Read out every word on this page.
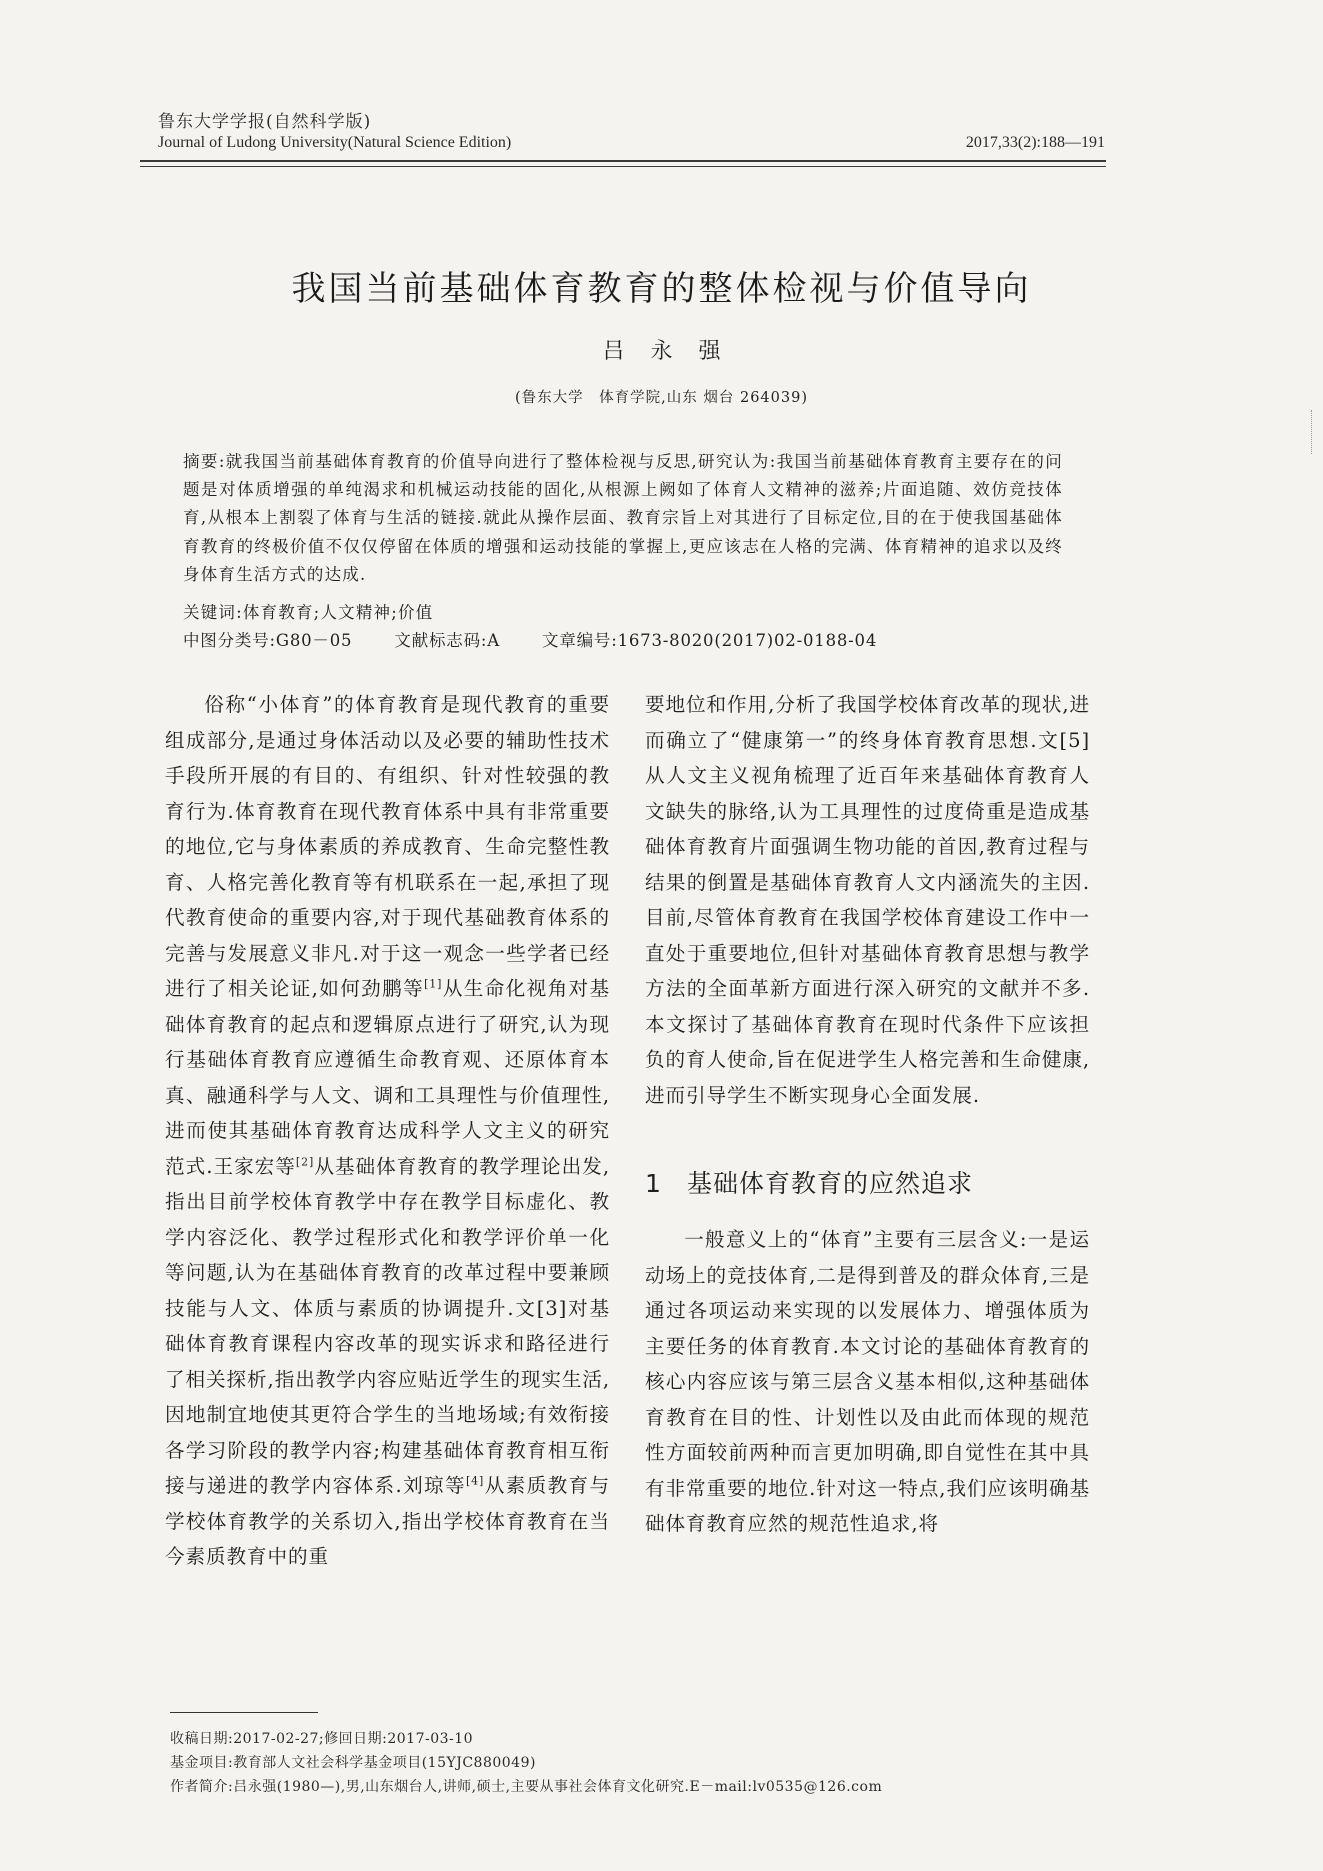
鲁东大学学报(自然科学版)
Journal of Ludong University(Natural Science Edition)	2017,33(2):188—191
我国当前基础体育教育的整体检视与价值导向
吕永强
(鲁东大学　体育学院,山东 烟台 264039)
摘要:就我国当前基础体育教育的价值导向进行了整体检视与反思,研究认为:我国当前基础体育教育主要存在的问题是对体质增强的单纯渴求和机械运动技能的固化,从根源上阙如了体育人文精神的滋养;片面追随、效仿竞技体育,从根本上割裂了体育与生活的链接.就此从操作层面、教育宗旨上对其进行了目标定位,目的在于使我国基础体育教育的终极价值不仅仅停留在体质的增强和运动技能的掌握上,更应该志在人格的完满、体育精神的追求以及终身体育生活方式的达成.
关键词:体育教育;人文精神;价值
中图分类号:G80－05	文献标志码:A	文章编号:1673-8020(2017)02-0188-04

俗称“小体育”的体育教育是现代教育的重要组成部分,是通过身体活动以及必要的辅助性技术手段所开展的有目的、有组织、针对性较强的教育行为.体育教育在现代教育体系中具有非常重要的地位,它与身体素质的养成教育、生命完整性教育、人格完善化教育等有机联系在一起,承担了现代教育使命的重要内容,对于现代基础教育体系的完善与发展意义非凡.对于这一观念一些学者已经进行了相关论证,如何劲鹏等[1]从生命化视角对基础体育教育的起点和逻辑原点进行了研究,认为现行基础体育教育应遵循生命教育观、还原体育本真、融通科学与人文、调和工具理性与价值理性,进而使其基础体育教育达成科学人文主义的研究范式.王家宏等[2]从基础体育教育的教学理论出发,指出目前学校体育教学中存在教学目标虚化、教学内容泛化、教学过程形式化和教学评价单一化等问题,认为在基础体育教育的改革过程中要兼顾技能与人文、体质与素质的协调提升.文[3]对基础体育教育课程内容改革的现实诉求和路径进行了相关探析,指出教学内容应贴近学生的现实生活,因地制宜地使其更符合学生的当地场域;有效衔接各学习阶段的教学内容;构建基础体育教育相互衔接与递进的教学内容体系.刘琼等[4]从素质教育与学校体育教学的关系切入,指出学校体育教育在当今素质教育中的重

要地位和作用,分析了我国学校体育改革的现状,进而确立了“健康第一”的终身体育教育思想.文[5]从人文主义视角梳理了近百年来基础体育教育人文缺失的脉络,认为工具理性的过度倚重是造成基础体育教育片面强调生物功能的首因,教育过程与结果的倒置是基础体育教育人文内涵流失的主因.目前,尽管体育教育在我国学校体育建设工作中一直处于重要地位,但针对基础体育教育思想与教学方法的全面革新方面进行深入研究的文献并不多.本文探讨了基础体育教育在现时代条件下应该担负的育人使命,旨在促进学生人格完善和生命健康,进而引导学生不断实现身心全面发展.

1 基础体育教育的应然追求

一般意义上的“体育”主要有三层含义:一是运动场上的竞技体育,二是得到普及的群众体育,三是通过各项运动来实现的以发展体力、增强体质为主要任务的体育教育.本文讨论的基础体育教育的核心内容应该与第三层含义基本相似,这种基础体育教育在目的性、计划性以及由此而体现的规范性方面较前两种而言更加明确,即自觉性在其中具有非常重要的地位.针对这一特点,我们应该明确基础体育教育应然的规范性追求,将

收稿日期:2017-02-27;修回日期:2017-03-10
基金项目:教育部人文社会科学基金项目(15YJC880049)
作者简介:吕永强(1980—),男,山东烟台人,讲师,硕士,主要从事社会体育文化研究.E－mail:lv0535@126.com
